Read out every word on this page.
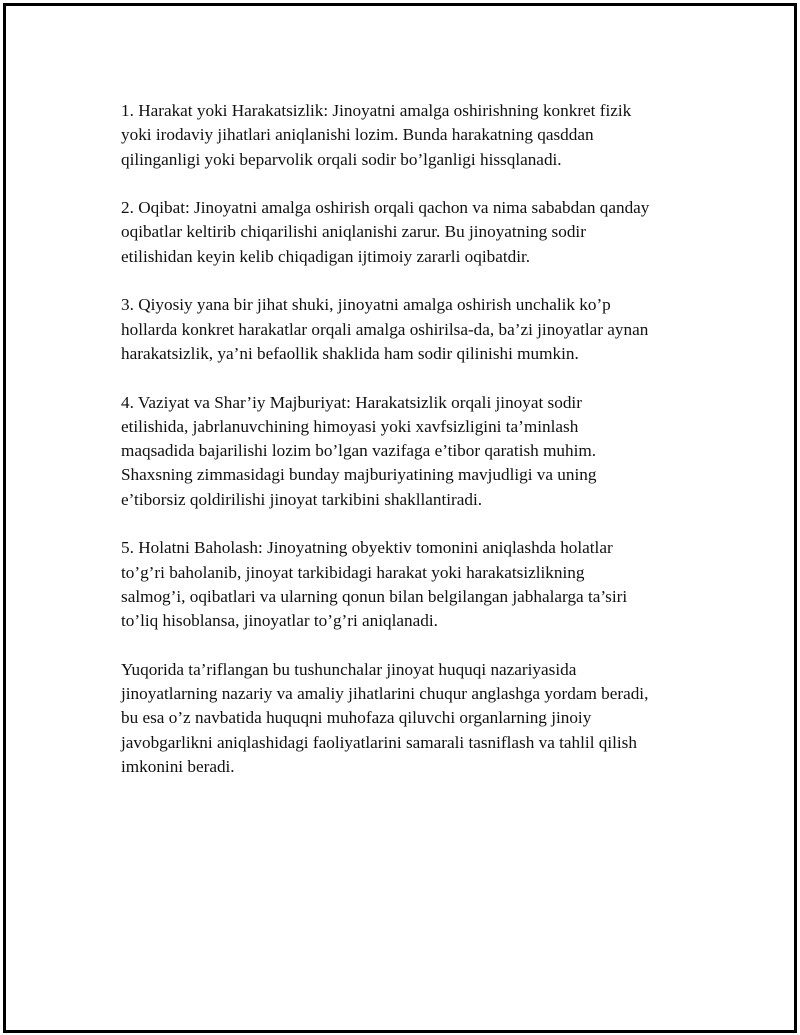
1. Harakat yoki Harakatsizlik: Jinoyatni amalga oshirishning konkret fizik
yoki irodaviy jihatlari aniqlanishi lozim. Bunda harakatning qasddan
qilinganligi yoki beparvolik orqali sodir bo’lganligi hissqlanadi.

2. Oqibat: Jinoyatni amalga oshirish orqali qachon va nima sababdan qanday
oqibatlar keltirib chiqarilishi aniqlanishi zarur. Bu jinoyatning sodir
etilishidan keyin kelib chiqadigan ijtimoiy zararli oqibatdir.

3. Qiyosiy yana bir jihat shuki, jinoyatni amalga oshirish unchalik ko’p
hollarda konkret harakatlar orqali amalga oshirilsa-da, ba’zi jinoyatlar aynan
harakatsizlik, ya’ni befaollik shaklida ham sodir qilinishi mumkin.

4. Vaziyat va Shar’iy Majburiyat: Harakatsizlik orqali jinoyat sodir
etilishida, jabrlanuvchining himoyasi yoki xavfsizligini ta’minlash
maqsadida bajarilishi lozim bo’lgan vazifaga e’tibor qaratish muhim.
Shaxsning zimmasidagi bunday majburiyatining mavjudligi va uning
e’tiborsiz qoldirilishi jinoyat tarkibini shakllantiradi.

5. Holatni Baholash: Jinoyatning obyektiv tomonini aniqlashda holatlar
to’g’ri baholanib, jinoyat tarkibidagi harakat yoki harakatsizlikning
salmog’i, oqibatlari va ularning qonun bilan belgilangan jabhalarga ta’siri
to’liq hisoblansa, jinoyatlar to’g’ri aniqlanadi.

Yuqorida ta’riflangan bu tushunchalar jinoyat huquqi nazariyasida
jinoyatlarning nazariy va amaliy jihatlarini chuqur anglashga yordam beradi,
bu esa o’z navbatida huquqni muhofaza qiluvchi organlarning jinoiy
javobgarlikni aniqlashidagi faoliyatlarini samarali tasniflash va tahlil qilish
imkonini beradi.
